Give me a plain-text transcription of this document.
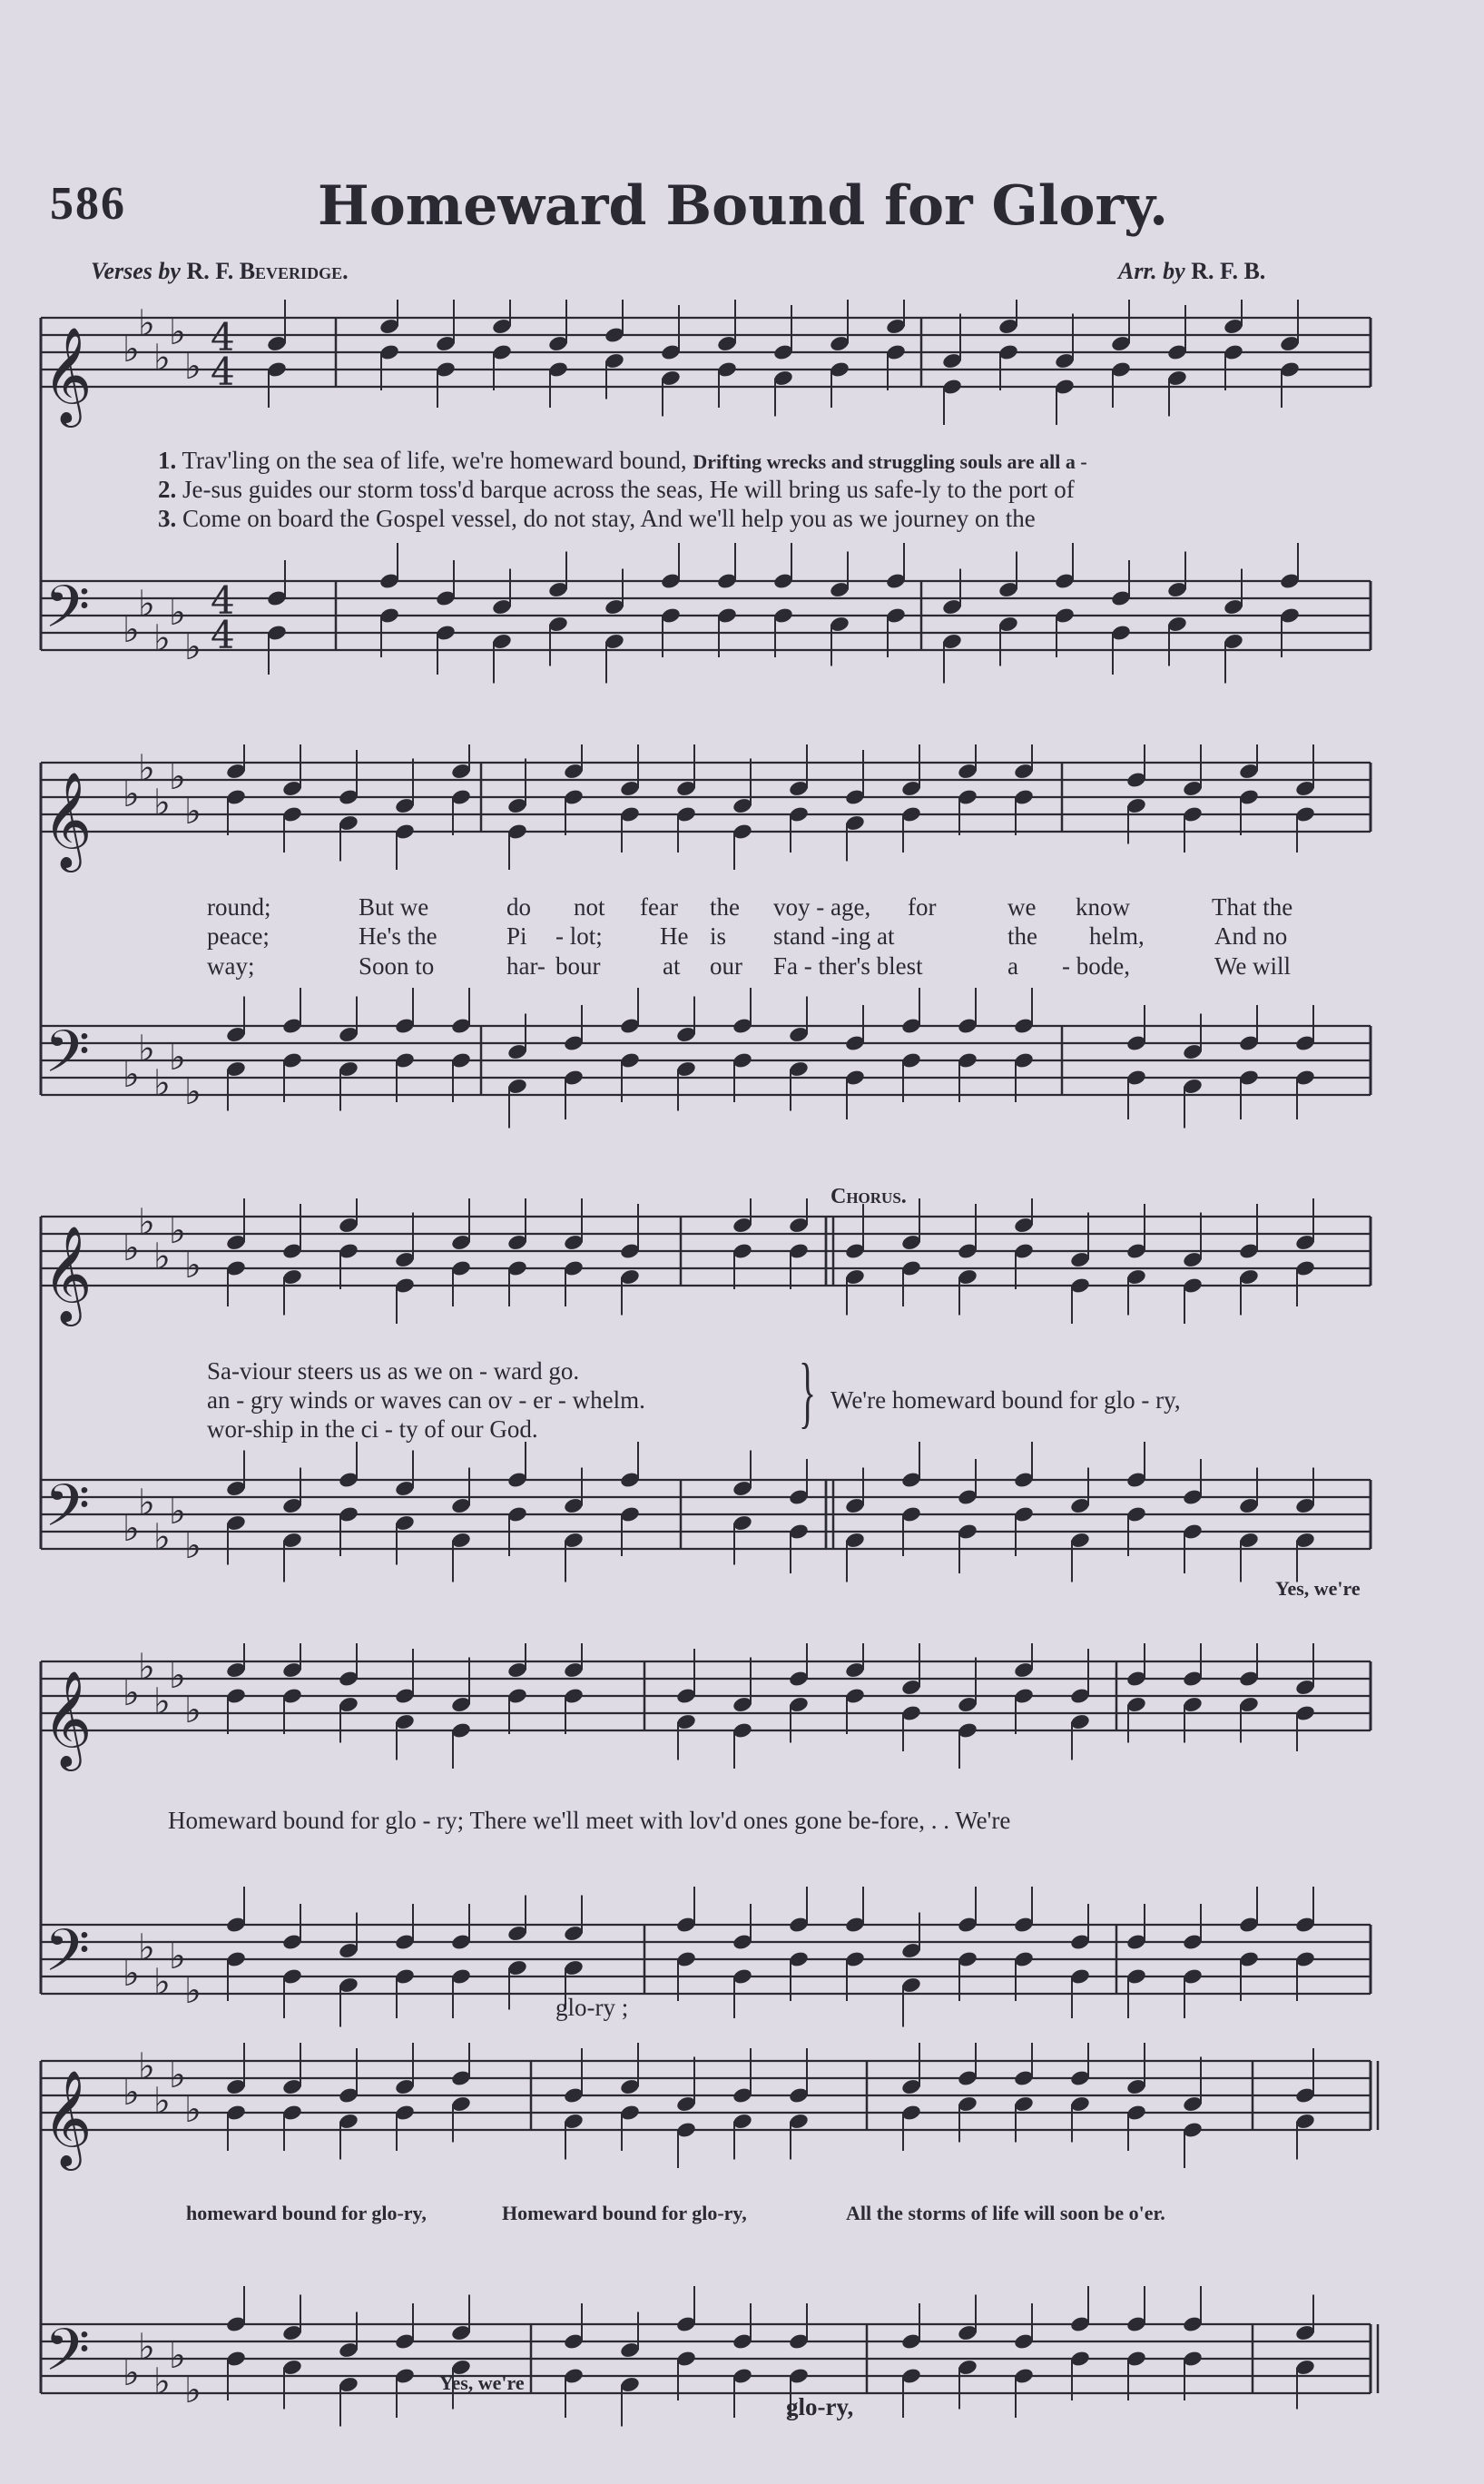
586	Homeward Bound for Glory.
Verses by R. F. Beveridge.	Arr. by R. F. B.
𝄞
𝄢
♭
♭
♭
♭
♭
♭
♭
♭
♭
♭
4
4
4
4
𝄞
𝄢
♭
♭
♭
♭
♭
♭
♭
♭
♭
♭
𝄞
𝄢
♭
♭
♭
♭
♭
♭
♭
♭
♭
♭
𝄞
𝄢
♭
♭
♭
♭
♭
♭
♭
♭
♭
♭
𝄞
𝄢
♭
♭
♭
♭
♭
♭
♭
♭
♭
♭
1. Trav'ling on the sea of life, we're homeward bound, Drifting wrecks and struggling souls are all a -
2. Je-sus guides our storm toss'd barque across the seas, He will bring us safe-ly to the port of
3. Come on board the Gospel vessel, do not stay, And we'll help you as we journey on the
round;	But we	do not fear the voy - age, for	we know	That the
peace;	He's the	Pi - lot; He is stand -ing at	the helm,	And no
way;	Soon to	har- bour	at our Fa - ther's blest	a - bode,	We will
Chorus.
Sa-viour steers us as we on - ward go.
an - gry winds or waves can ov - er - whelm.
wor-ship in the ci - ty of our God.	} We're homeward bound for glo - ry,
Yes, we're
Homeward bound for glo - ry; There we'll meet with lov'd ones gone be-fore, . . We're
glo-ry ;
homeward bound for glo-ry,	Homeward bound for glo-ry,	All the storms of life will soon be o'er.
Yes, we're
glo-ry,
